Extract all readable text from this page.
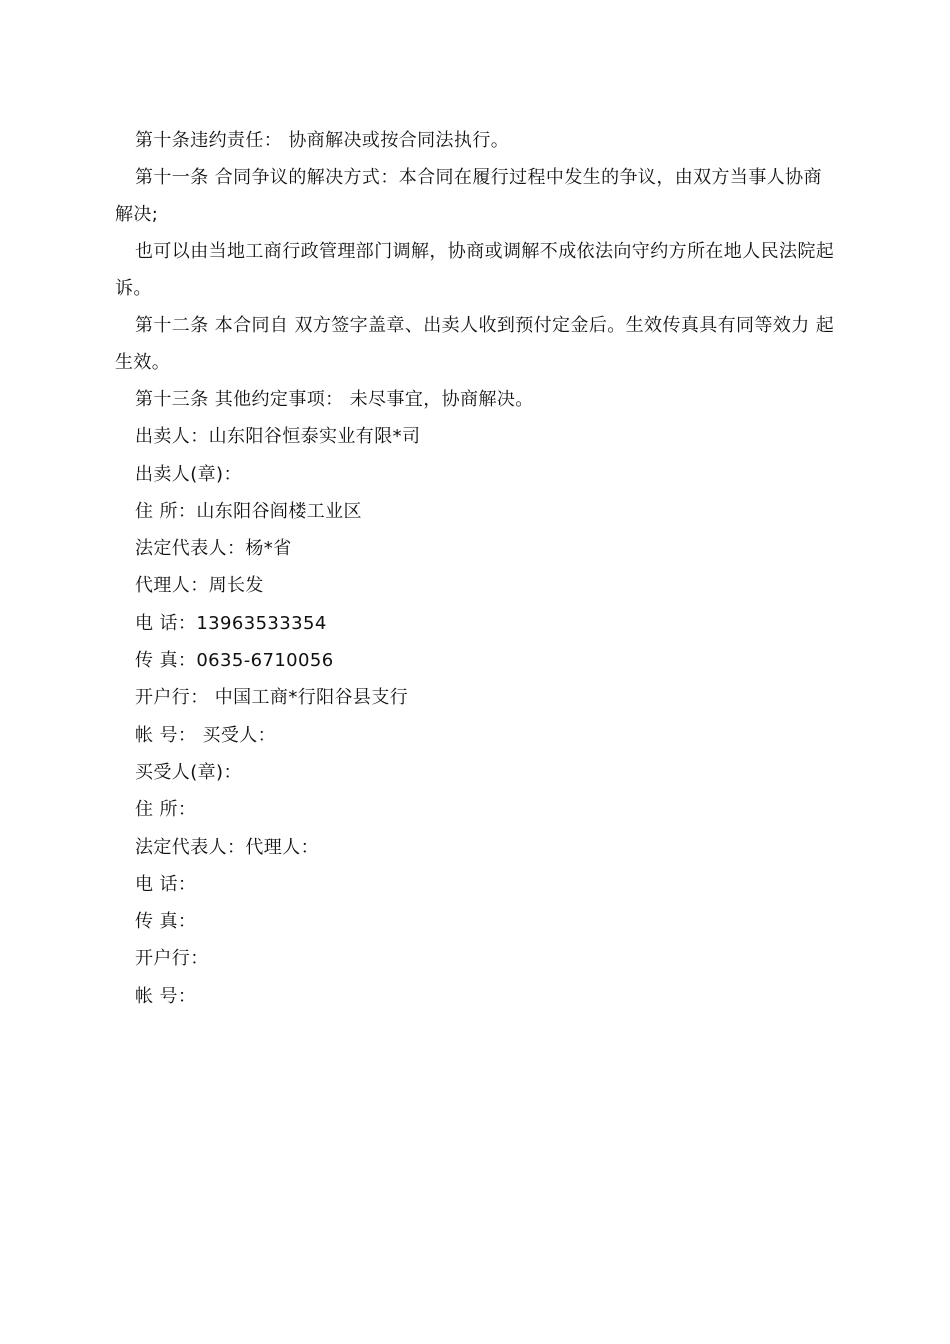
第十条违约责任： 协商解决或按合同法执行。

第十一条 合同争议的解决方式：本合同在履行过程中发生的争议，由双方当事人协商解决;

也可以由当地工商行政管理部门调解，协商或调解不成依法向守约方所在地人民法院起诉。

第十二条 本合同自 双方签字盖章、出卖人收到预付定金后。生效传真具有同等效力 起生效。

第十三条 其他约定事项： 未尽事宜，协商解决。

出卖人：山东阳谷恒泰实业有限*司

出卖人(章)：

住 所：山东阳谷阎楼工业区

法定代表人：杨*省

代理人：周长发

电 话：13963533354

传 真：0635-6710056

开户行： 中国工商*行阳谷县支行

帐 号： 买受人：

买受人(章)：

住 所：

法定代表人：代理人：

电 话：

传 真：

开户行：

帐 号：
